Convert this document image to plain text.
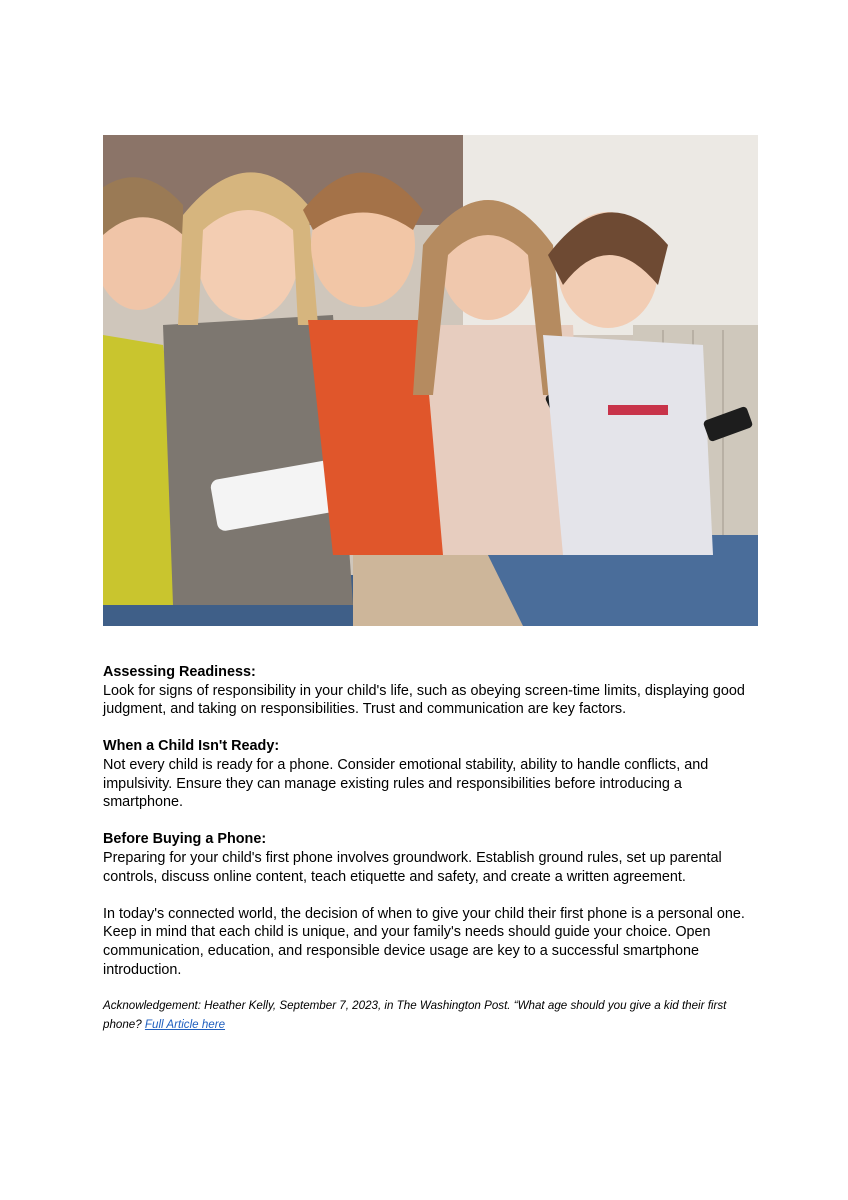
Assessing Readiness:

Look for signs of responsibility in your child's life, such as obeying screen-time limits, displaying good judgment, and taking on responsibilities. Trust and communication are key factors.

When a Child Isn't Ready:

Not every child is ready for a phone. Consider emotional stability, ability to handle conflicts, and impulsivity. Ensure they can manage existing rules and responsibilities before introducing a smartphone.

Before Buying a Phone:

Preparing for your child's first phone involves groundwork. Establish ground rules, set up parental controls, discuss online content, teach etiquette and safety, and create a written agreement.

In today's connected world, the decision of when to give your child their first phone is a personal one. Keep in mind that each child is unique, and your family's needs should guide your choice. Open communication, education, and responsible device usage are key to a successful smartphone introduction.

Acknowledgement: Heather Kelly, September 7, 2023, in The Washington Post. “What age should you give a kid their first phone? Full Article here
